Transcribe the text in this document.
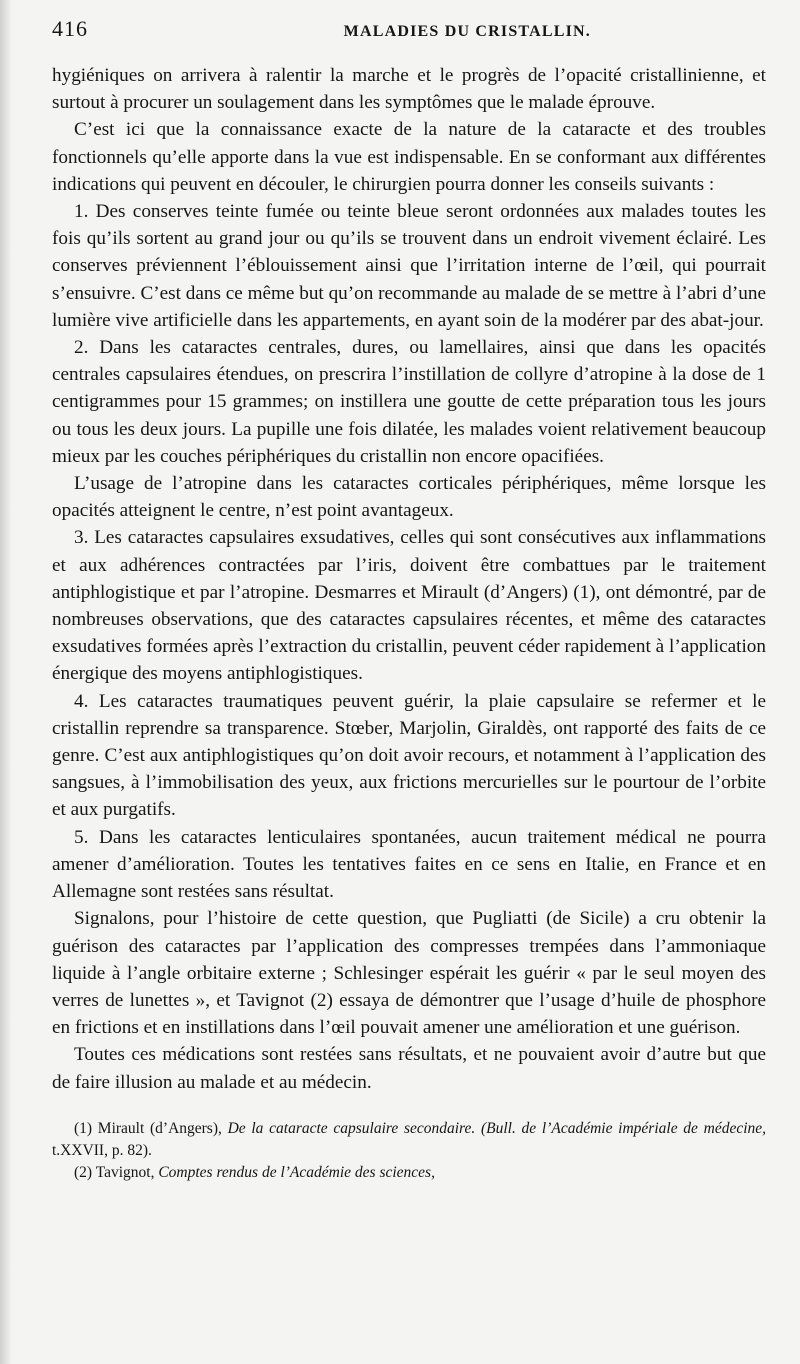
416	MALADIES DU CRISTALLIN.

hygiéniques on arrivera à ralentir la marche et le progrès de l’opacité cristallinienne, et surtout à procurer un soulagement dans les symptômes que le malade éprouve.

C’est ici que la connaissance exacte de la nature de la cataracte et des troubles fonctionnels qu’elle apporte dans la vue est indispensable. En se conformant aux différentes indications qui peuvent en découler, le chirurgien pourra donner les conseils suivants :

1. Des conserves teinte fumée ou teinte bleue seront ordonnées aux malades toutes les fois qu’ils sortent au grand jour ou qu’ils se trouvent dans un endroit vivement éclairé. Les conserves préviennent l’éblouissement ainsi que l’irritation interne de l’œil, qui pourrait s’ensuivre. C’est dans ce même but qu’on recommande au malade de se mettre à l’abri d’une lumière vive artificielle dans les appartements, en ayant soin de la modérer par des abat-jour.

2. Dans les cataractes centrales, dures, ou lamellaires, ainsi que dans les opacités centrales capsulaires étendues, on prescrira l’instillation de collyre d’atropine à la dose de 1 centigrammes pour 15 grammes; on instillera une goutte de cette préparation tous les jours ou tous les deux jours. La pupille une fois dilatée, les malades voient relativement beaucoup mieux par les couches périphériques du cristallin non encore opacifiées.

L’usage de l’atropine dans les cataractes corticales périphériques, même lorsque les opacités atteignent le centre, n’est point avantageux.

3. Les cataractes capsulaires exsudatives, celles qui sont consécutives aux inflammations et aux adhérences contractées par l’iris, doivent être combattues par le traitement antiphlogistique et par l’atropine. Desmarres et Mirault (d’Angers) (1), ont démontré, par de nombreuses observations, que des cataractes capsulaires récentes, et même des cataractes exsudatives formées après l’extraction du cristallin, peuvent céder rapidement à l’application énergique des moyens antiphlogistiques.

4. Les cataractes traumatiques peuvent guérir, la plaie capsulaire se refermer et le cristallin reprendre sa transparence. Stœber, Marjolin, Giraldès, ont rapporté des faits de ce genre. C’est aux antiphlogistiques qu’on doit avoir recours, et notamment à l’application des sangsues, à l’immobilisation des yeux, aux frictions mercurielles sur le pourtour de l’orbite et aux purgatifs.

5. Dans les cataractes lenticulaires spontanées, aucun traitement médical ne pourra amener d’amélioration. Toutes les tentatives faites en ce sens en Italie, en France et en Allemagne sont restées sans résultat.

Signalons, pour l’histoire de cette question, que Pugliatti (de Sicile) a cru obtenir la guérison des cataractes par l’application des compresses trempées dans l’ammoniaque liquide à l’angle orbitaire externe ; Schlesinger espérait les guérir « par le seul moyen des verres de lunettes », et Tavignot (2) essaya de démontrer que l’usage d’huile de phosphore en frictions et en instillations dans l’œil pouvait amener une amélioration et une guérison.

Toutes ces médications sont restées sans résultats, et ne pouvaient avoir d’autre but que de faire illusion au malade et au médecin.

(1) Mirault (d’Angers), De la cataracte capsulaire secondaire. (Bull. de l’Académie impériale de médecine, t.XXVII, p. 82).

(2) Tavignot, Comptes rendus de l’Académie des sciences,
